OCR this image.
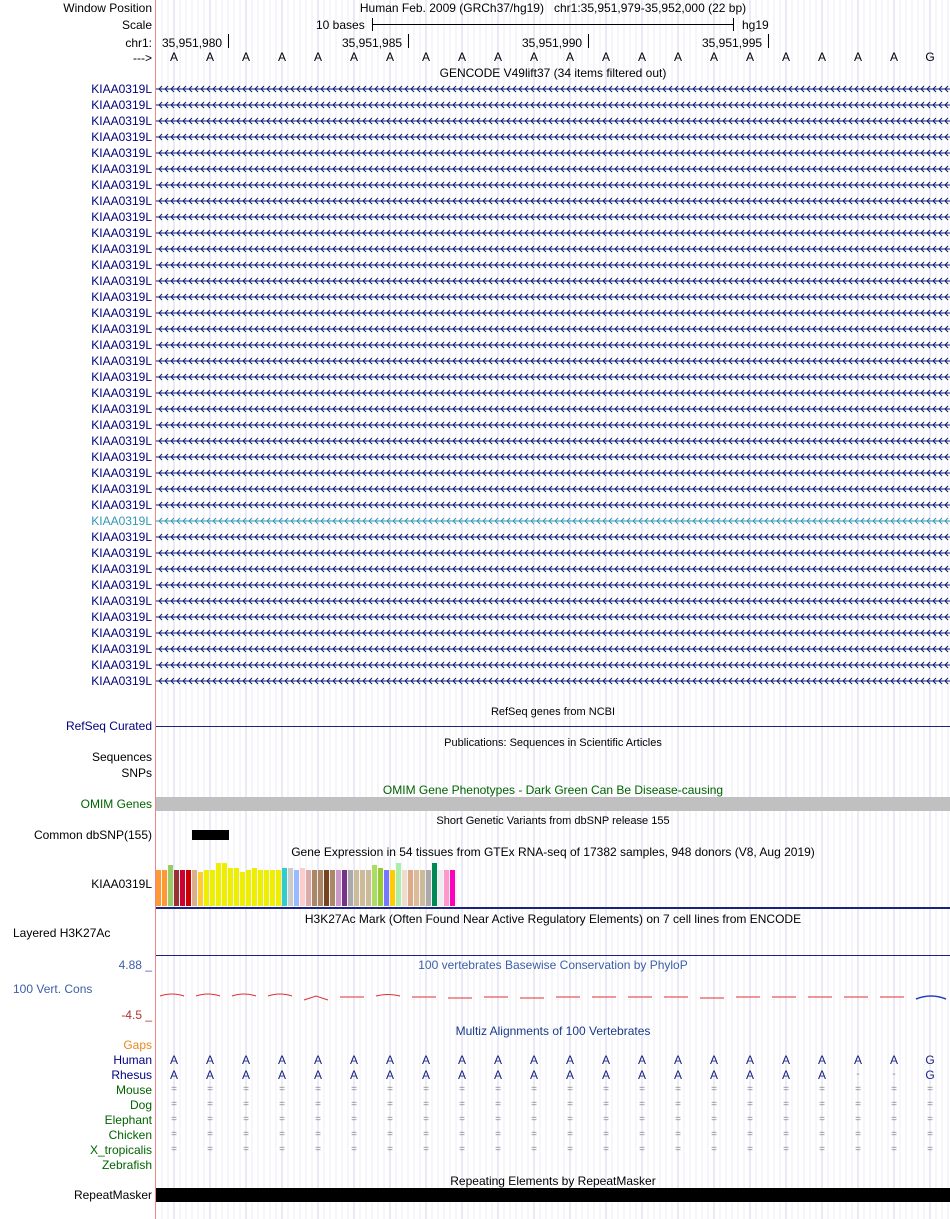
Window Position	Human Feb. 2009 (GRCh37/hg19) chr1:35,951,979-35,952,000 (22 bp)
Scale	10 bases	hg19
chr1: 35,951,980	35,951,985	35,951,990	35,951,995
---> A A A A A A A A A A A A A A A A A A A A A G
GENCODE V49lift37 (34 items filtered out)
KIAA0319L
KIAA0319L
KIAA0319L
KIAA0319L
KIAA0319L
KIAA0319L
KIAA0319L
KIAA0319L
KIAA0319L
KIAA0319L
KIAA0319L
KIAA0319L
KIAA0319L
KIAA0319L
KIAA0319L
KIAA0319L
KIAA0319L
KIAA0319L
KIAA0319L
KIAA0319L
KIAA0319L
KIAA0319L
KIAA0319L
KIAA0319L
KIAA0319L
KIAA0319L
KIAA0319L
KIAA0319L
KIAA0319L
KIAA0319L
KIAA0319L
KIAA0319L
KIAA0319L
KIAA0319L
KIAA0319L
KIAA0319L
KIAA0319L
KIAA0319L
RefSeq genes from NCBI
RefSeq Curated
Publications: Sequences in Scientific Articles
Sequences
SNPs
OMIM Gene Phenotypes - Dark Green Can Be Disease-causing
OMIM Genes
Short Genetic Variants from dbSNP release 155
Common dbSNP(155)
Gene Expression in 54 tissues from GTEx RNA-seq of 17382 samples, 948 donors (V8, Aug 2019)
KIAA0319L
H3K27Ac Mark (Often Found Near Active Regulatory Elements) on 7 cell lines from ENCODE
Layered H3K27Ac
4.88 _	100 vertebrates Basewise Conservation by PhyloP
100 Vert. Cons
-4.5 _
Multiz Alignments of 100 Vertebrates
Gaps
Human A A A A A A A A A A A A A A A A A A A A A G
Rhesus A A A A A A A A A A A A A A A A A A A	-	-	G
Mouse	=	=	=	=	=	=	=	=	=	=	=	=	=	=	=	=	=	=	=	=	=	=
Dog	=	=	=	=	=	=	=	=	=	=	=	=	=	=	=	=	=	=	=	=	=	=
Elephant	=	=	=	=	=	=	=	=	=	=	=	=	=	=	=	=	=	=	=	=	=	=
Chicken	=	=	=	=	=	=	=	=	=	=	=	=	=	=	=	=	=	=	=	=	=	=
X_tropicalis	=	=	=	=	=	=	=	=	=	=	=	=	=	=	=	=	=	=	=	=	=	=
Zebrafish
Repeating Elements by RepeatMasker
RepeatMasker
